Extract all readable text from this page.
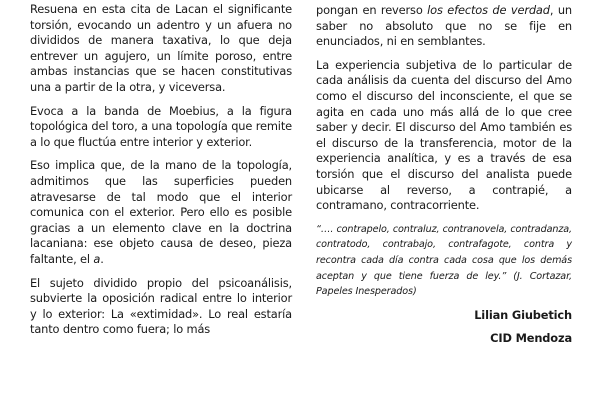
Resuena en esta cita de Lacan el significante torsión, evocando un adentro y un afuera no divididos de manera taxativa, lo que deja entrever un agujero, un límite poroso, entre ambas instancias que se hacen constitutivas una a partir de la otra, y viceversa.

Evoca a la banda de Moebius, a la figura topológica del toro, a una topología que remite a lo que fluctúa entre interior y exterior.

Eso implica que, de la mano de la topología, admitimos que las superficies pueden atravesarse de tal modo que el interior comunica con el exterior. Pero ello es posible gracias a un elemento clave en la doctrina lacaniana: ese objeto causa de deseo, pieza faltante, el a.

El sujeto dividido propio del psicoanálisis, subvierte la oposición radical entre lo interior y lo exterior: La «extimidad». Lo real estaría tanto dentro como fuera; lo más

pongan en reverso los efectos de verdad, un saber no absoluto que no se fije en enunciados, ni en semblantes.

La experiencia subjetiva de lo particular de cada análisis da cuenta del discurso del Amo como el discurso del inconsciente, el que se agita en cada uno más allá de lo que cree saber y decir. El discurso del Amo también es el discurso de la transferencia, motor de la experiencia analítica, y es a través de esa torsión que el discurso del analista puede ubicarse al reverso, a contrapié, a contramano, contracorriente.

“…. contrapelo, contraluz, contranovela, contradanza, contratodo, contrabajo, contrafagote, contra y recontra cada día contra cada cosa que los demás aceptan y que tiene fuerza de ley.” (J. Cortazar, Papeles Inesperados)

Lilian Giubetich

CID Mendoza
